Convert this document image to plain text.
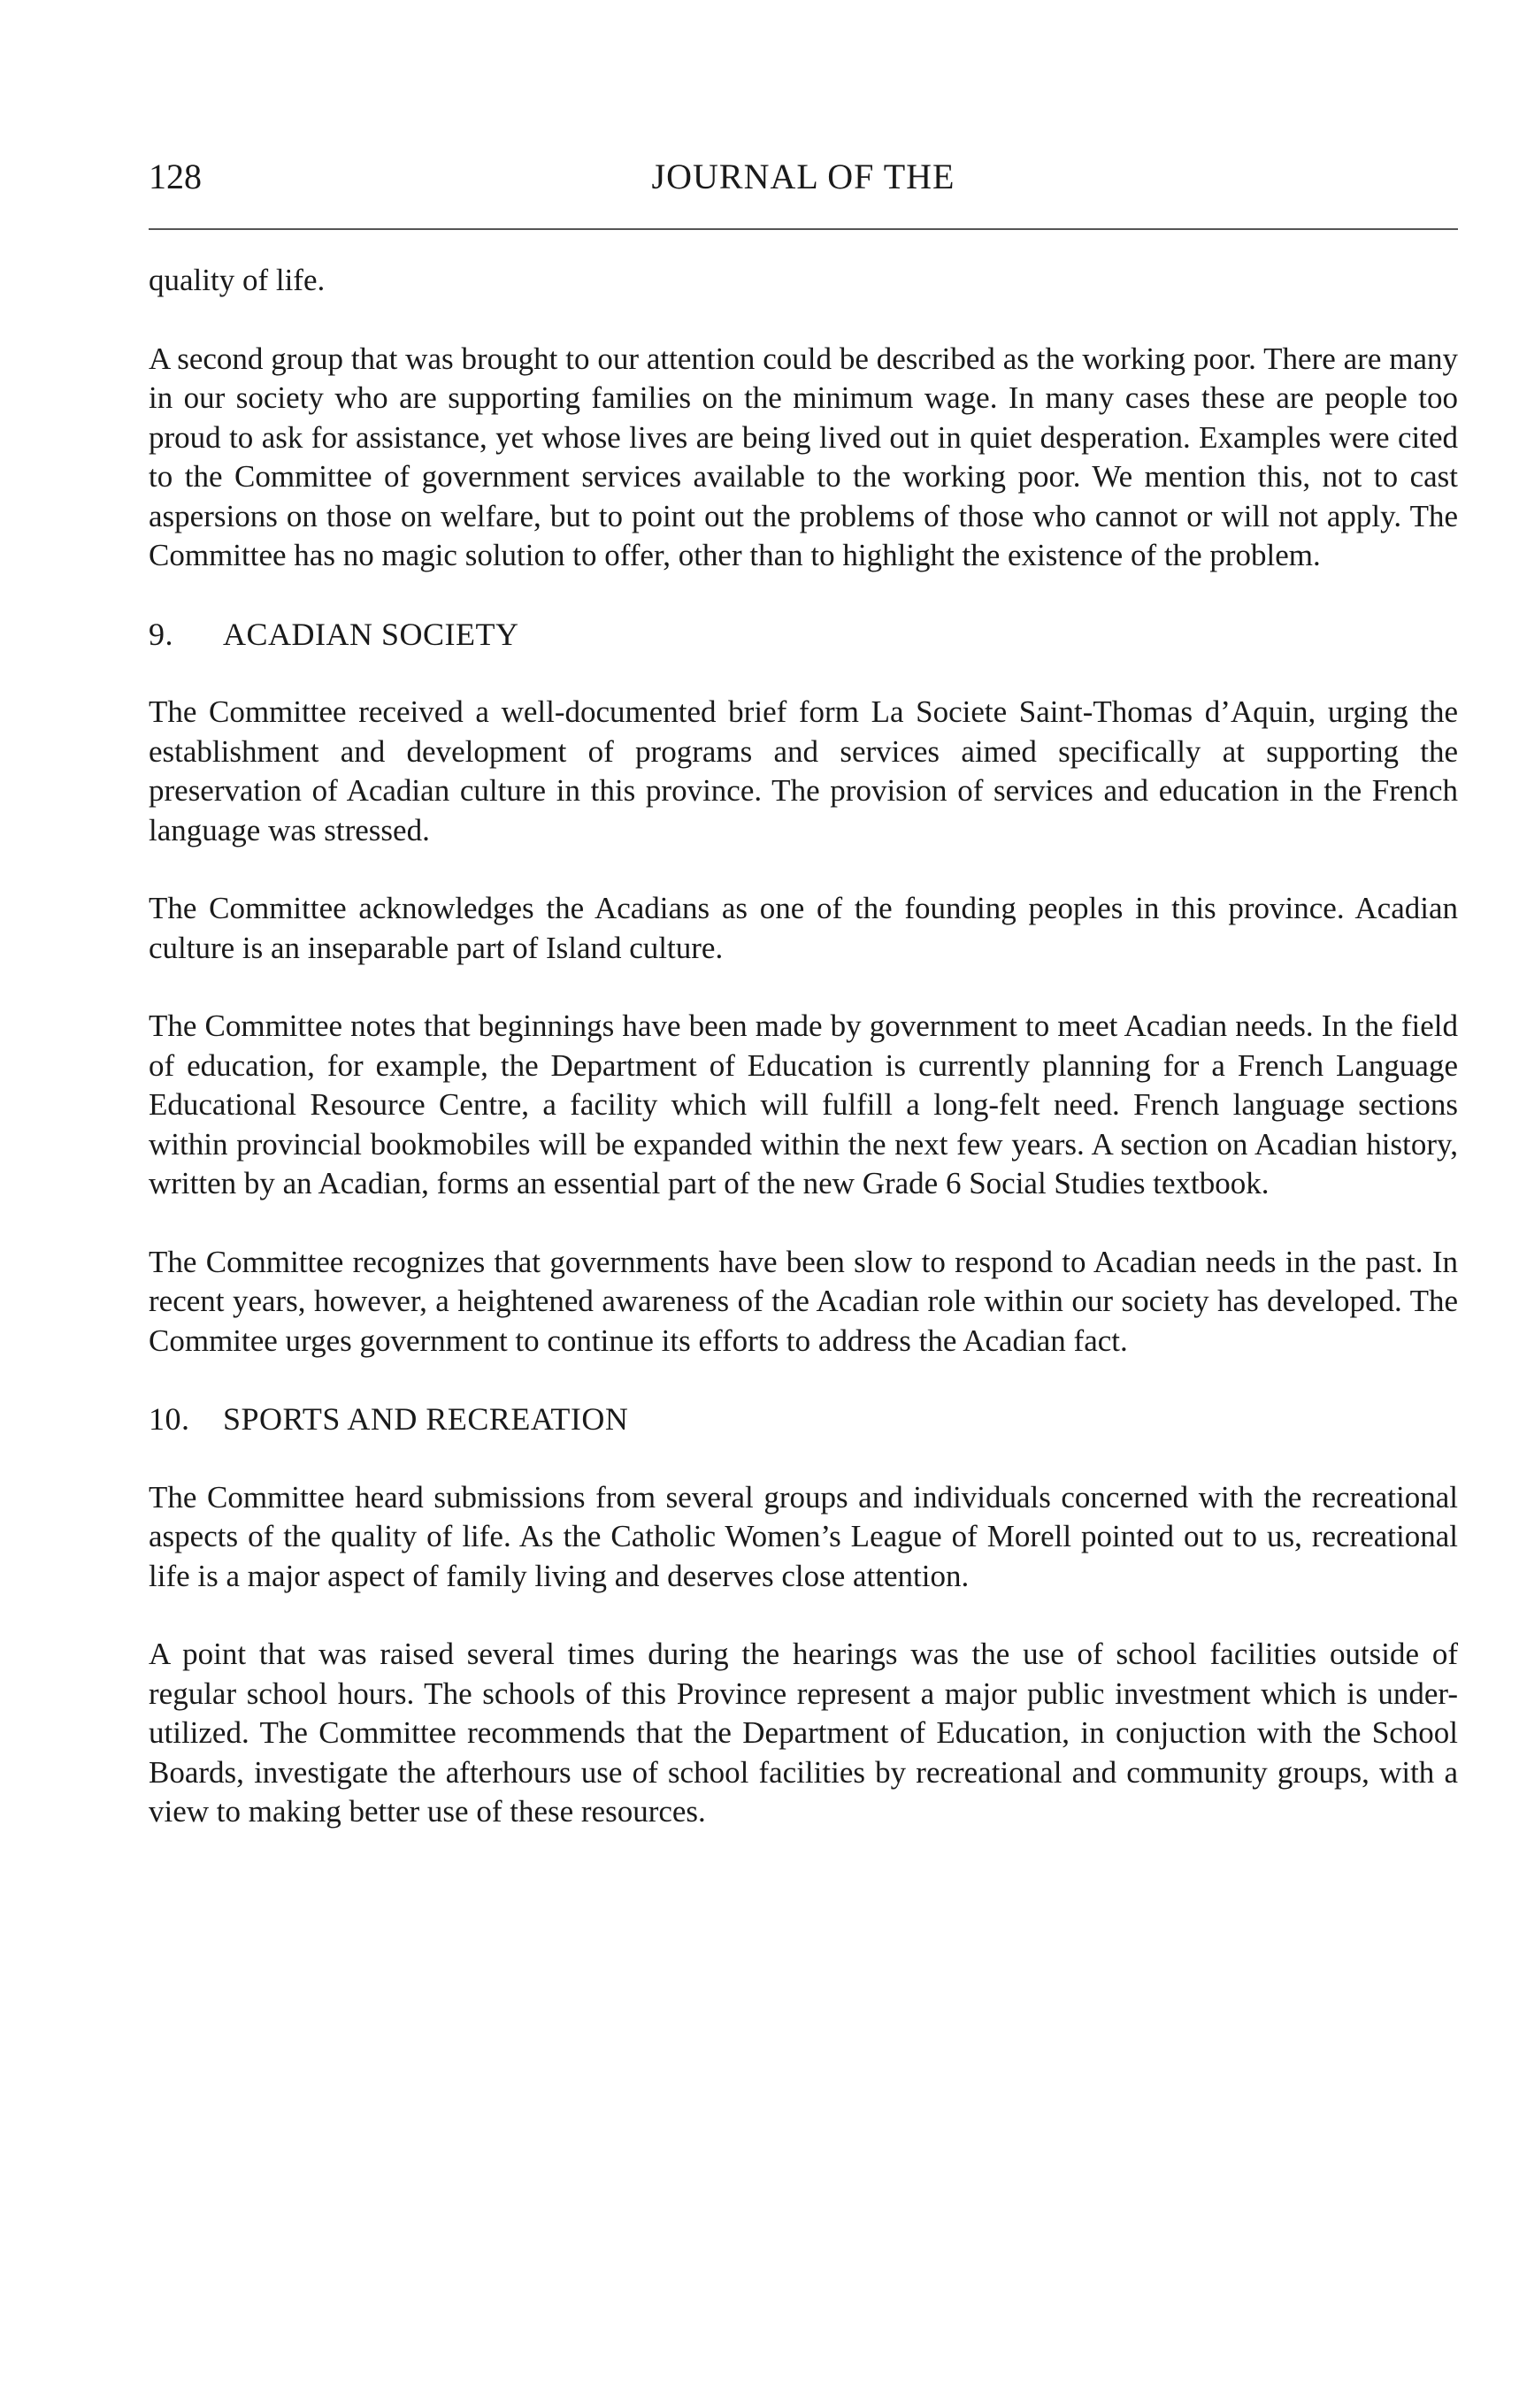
128	JOURNAL OF THE

quality of life.

A second group that was brought to our attention could be described as the working poor. There are many in our society who are supporting families on the minimum wage. In many cases these are people too proud to ask for assistance, yet whose lives are being lived out in quiet desperation. Examples were cited to the Committee of government services available to the working poor. We mention this, not to cast aspersions on those on welfare, but to point out the problems of those who cannot or will not apply. The Committee has no magic solution to offer, other than to highlight the existence of the problem.

9. ACADIAN SOCIETY

The Committee received a well-documented brief form La Societe Saint-Thomas d’Aquin, urging the establishment and development of programs and services aimed specifically at supporting the preservation of Acadian culture in this province. The provision of services and education in the French language was stressed.

The Committee acknowledges the Acadians as one of the founding peoples in this province. Acadian culture is an inseparable part of Island culture.

The Committee notes that beginnings have been made by government to meet Acadian needs. In the field of education, for example, the Department of Education is currently planning for a French Language Educational Resource Centre, a facility which will fulfill a long-felt need. French language sections within provincial bookmobiles will be expanded within the next few years. A section on Acadian history, written by an Acadian, forms an essential part of the new Grade 6 Social Studies textbook.

The Committee recognizes that governments have been slow to respond to Acadian needs in the past. In recent years, however, a heightened awareness of the Acadian role within our society has developed. The Commitee urges government to continue its efforts to address the Acadian fact.

10. SPORTS AND RECREATION

The Committee heard submissions from several groups and individuals concerned with the recreational aspects of the quality of life. As the Catholic Women’s League of Morell pointed out to us, recreational life is a major aspect of family living and deserves close attention.

A point that was raised several times during the hearings was the use of school facilities outside of regular school hours. The schools of this Province represent a major public investment which is under-utilized. The Committee recommends that the Department of Education, in conjuction with the School Boards, investigate the afterhours use of school facilities by recreational and community groups, with a view to making better use of these resources.
